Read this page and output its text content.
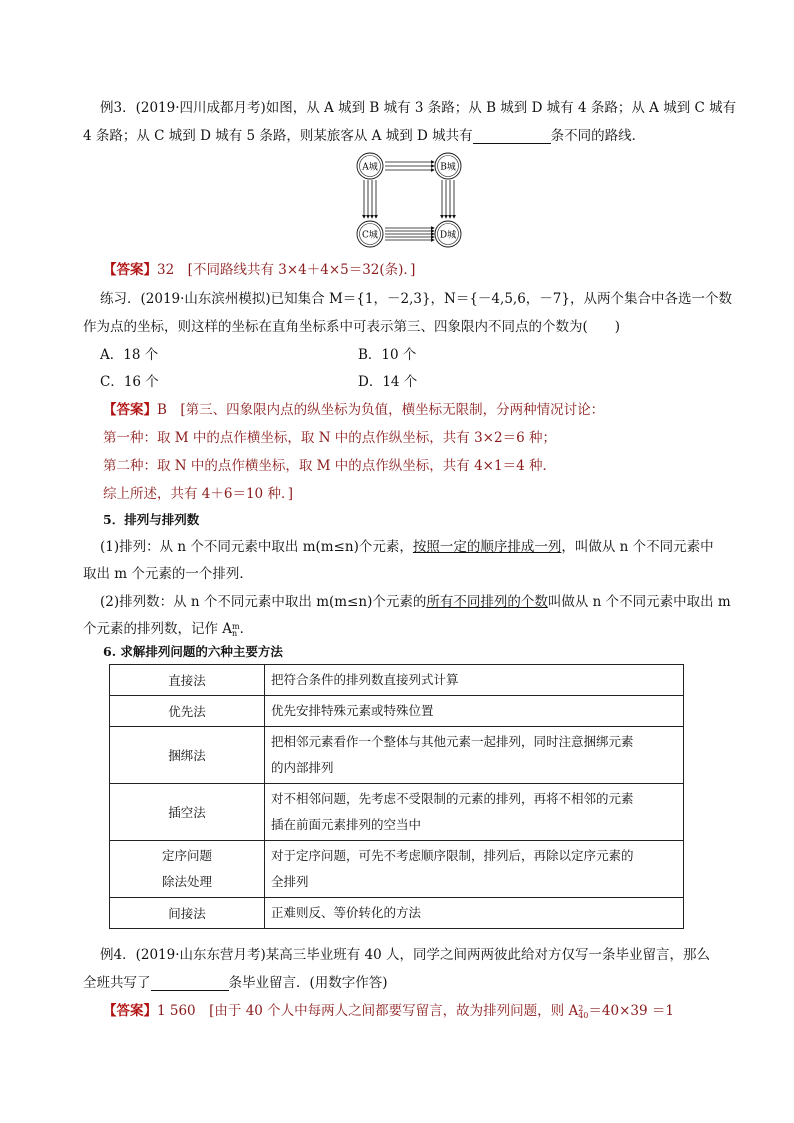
例3．(2019·四川成都月考)如图，从 A 城到 B 城有 3 条路；从 B 城到 D 城有 4 条路；从 A 城到 C 城有
4 条路；从 C 城到 D 城有 5 条路，则某旅客从 A 城到 D 城共有	条不同的路线．
A城	B城
C城	D城
【答案】32　[不同路线共有 3×4＋4×5＝32(条)．]
练习．(2019·山东滨州模拟)已知集合 M＝{1，－2,3}，N＝{－4,5,6，－7}，从两个集合中各选一个数
作为点的坐标，则这样的坐标在直角坐标系中可表示第三、四象限内不同点的个数为(　　)
A．18 个	B．10 个
C．16 个	D．14 个
【答案】B　[第三、四象限内点的纵坐标为负值，横坐标无限制，分两种情况讨论：
第一种：取 M 中的点作横坐标，取 N 中的点作纵坐标，共有 3×2＝6 种；
第二种：取 N 中的点作横坐标，取 M 中的点作纵坐标，共有 4×1＝4 种．
综上所述，共有 4＋6＝10 种．]
5．排列与排列数
(1)排列：从 n 个不同元素中取出 m(m≤n)个元素，按照一定的顺序排成一列，叫做从 n 个不同元素中
取出 m 个元素的一个排列．
(2)排列数：从 n 个不同元素中取出 m(m≤n)个元素的所有不同排列的个数叫做从 n 个不同元素中取出 m
个元素的排列数，记作 A m
n ．
6. 求解排列问题的六种主要方法
直接法	把符合条件的排列数直接列式计算
优先法	优先安排特殊元素或特殊位置
捆绑法	把相邻元素看作一个整体与其他元素一起排列，同时注意捆绑元素
的内部排列
插空法	对不相邻问题，先考虑不受限制的元素的排列，再将不相邻的元素
插在前面元素排列的空当中
定序问题
除法处理	对于定序问题，可先不考虑顺序限制，排列后，再除以定序元素的
全排列
间接法	正难则反、等价转化的方法
例4．(2019·山东东营月考)某高三毕业班有 40 人，同学之间两两彼此给对方仅写一条毕业留言，那么
全班共写了	条毕业留言．(用数字作答)
【答案】1 560　[由于 40 个人中每两人之间都要写留言，故为排列问题，则 A 2
40 ＝40×39 ＝1
